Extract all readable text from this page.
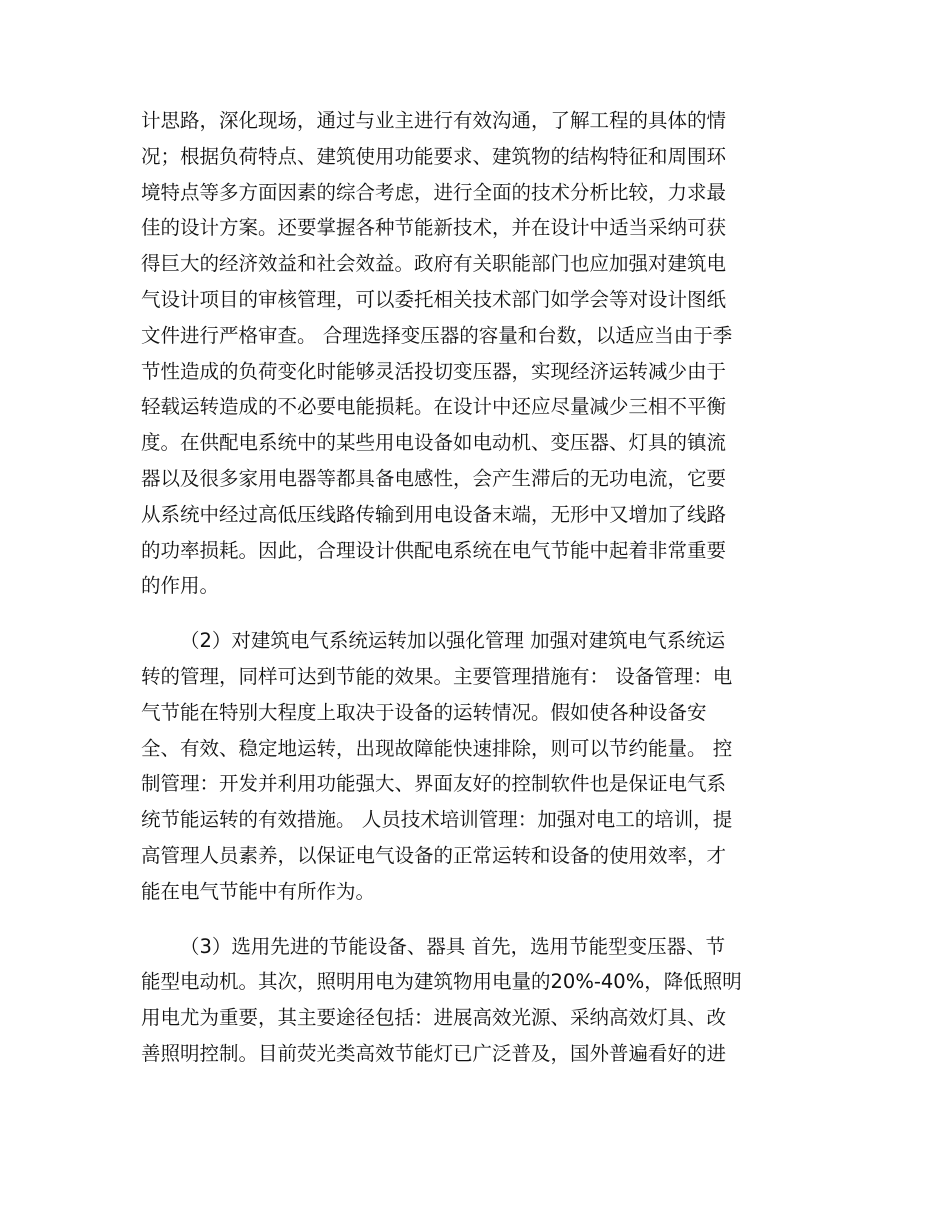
计思路，深化现场，通过与业主进行有效沟通，了解工程的具体的情
况；根据负荷特点、建筑使用功能要求、建筑物的结构特征和周围环
境特点等多方面因素的综合考虑，进行全面的技术分析比较，力求最
佳的设计方案。还要掌握各种节能新技术，并在设计中适当采纳可获
得巨大的经济效益和社会效益。政府有关职能部门也应加强对建筑电
气设计项目的审核管理，可以委托相关技术部门如学会等对设计图纸
文件进行严格审查。 合理选择变压器的容量和台数，以适应当由于季
节性造成的负荷变化时能够灵活投切变压器，实现经济运转减少由于
轻载运转造成的不必要电能损耗。在设计中还应尽量减少三相不平衡
度。在供配电系统中的某些用电设备如电动机、变压器、灯具的镇流
器以及很多家用电器等都具备电感性，会产生滞后的无功电流，它要
从系统中经过高低压线路传输到用电设备末端，无形中又增加了线路
的功率损耗。因此，合理设计供配电系统在电气节能中起着非常重要
的作用。
（2）对建筑电气系统运转加以强化管理 加强对建筑电气系统运
转的管理，同样可达到节能的效果。主要管理措施有： 设备管理：电
气节能在特别大程度上取决于设备的运转情况。假如使各种设备安
全、有效、稳定地运转，出现故障能快速排除，则可以节约能量。 控
制管理：开发并利用功能强大、界面友好的控制软件也是保证电气系
统节能运转的有效措施。 人员技术培训管理：加强对电工的培训，提
高管理人员素养，以保证电气设备的正常运转和设备的使用效率，才
能在电气节能中有所作为。
（3）选用先进的节能设备、器具 首先，选用节能型变压器、节
能型电动机。其次，照明用电为建筑物用电量的20%-40%，降低照明
用电尤为重要，其主要途径包括：进展高效光源、采纳高效灯具、改
善照明控制。目前荧光类高效节能灯已广泛普及，国外普遍看好的进
